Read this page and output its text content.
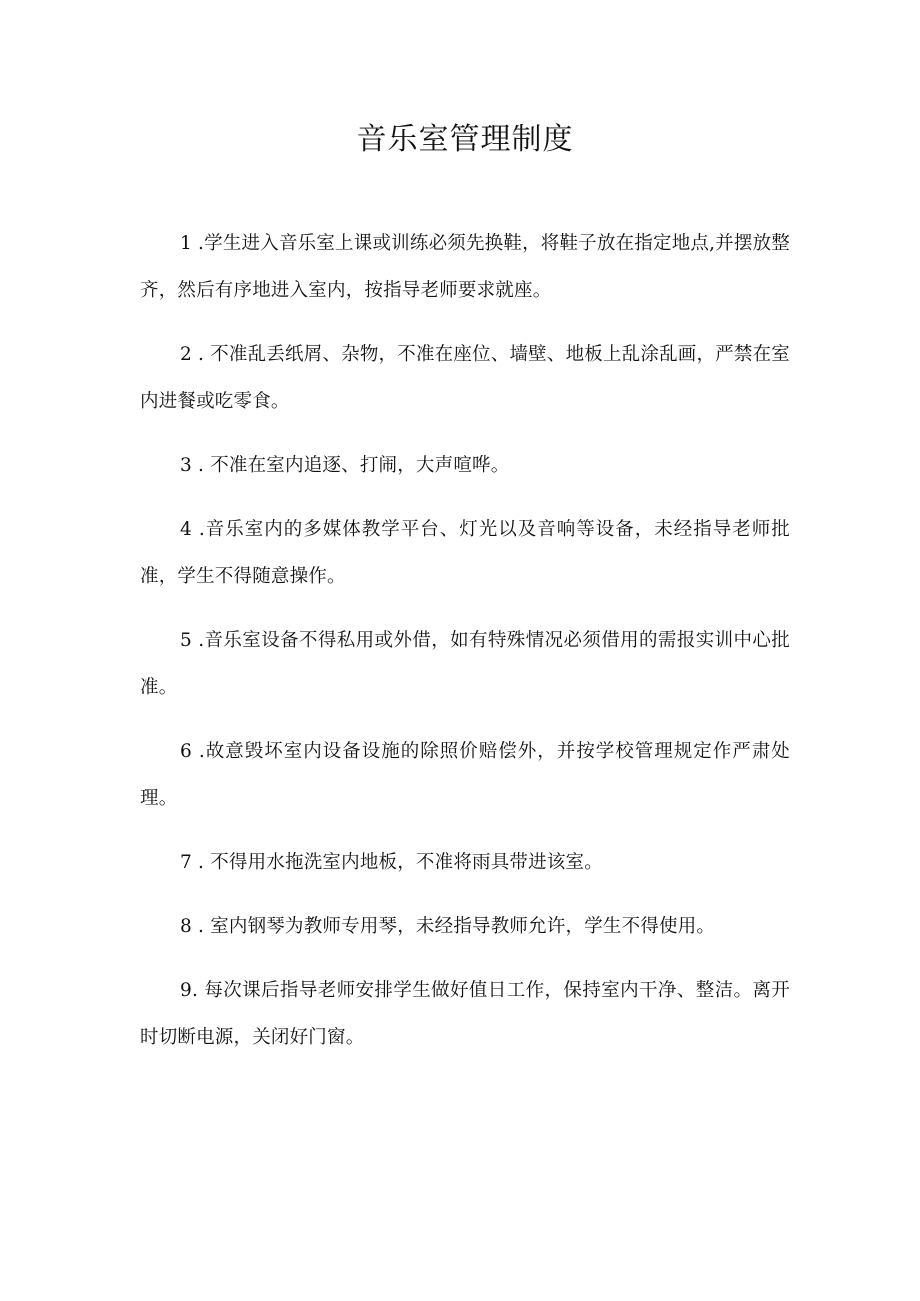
音乐室管理制度

1 .学生进入音乐室上课或训练必须先换鞋，将鞋子放在指定地点,并摆放整齐，然后有序地进入室内，按指导老师要求就座。

2 . 不准乱丢纸屑、杂物，不准在座位、墙壁、地板上乱涂乱画，严禁在室内进餐或吃零食。

3 . 不准在室内追逐、打闹，大声喧哗。

4 .音乐室内的多媒体教学平台、灯光以及音响等设备，未经指导老师批准，学生不得随意操作。

5 .音乐室设备不得私用或外借，如有特殊情况必须借用的需报实训中心批准。

6 .故意毁坏室内设备设施的除照价赔偿外，并按学校管理规定作严肃处理。

7 . 不得用水拖洗室内地板，不准将雨具带进该室。

8 . 室内钢琴为教师专用琴，未经指导教师允许，学生不得使用。

9. 每次课后指导老师安排学生做好值日工作，保持室内干净、整洁。离开时切断电源，关闭好门窗。
